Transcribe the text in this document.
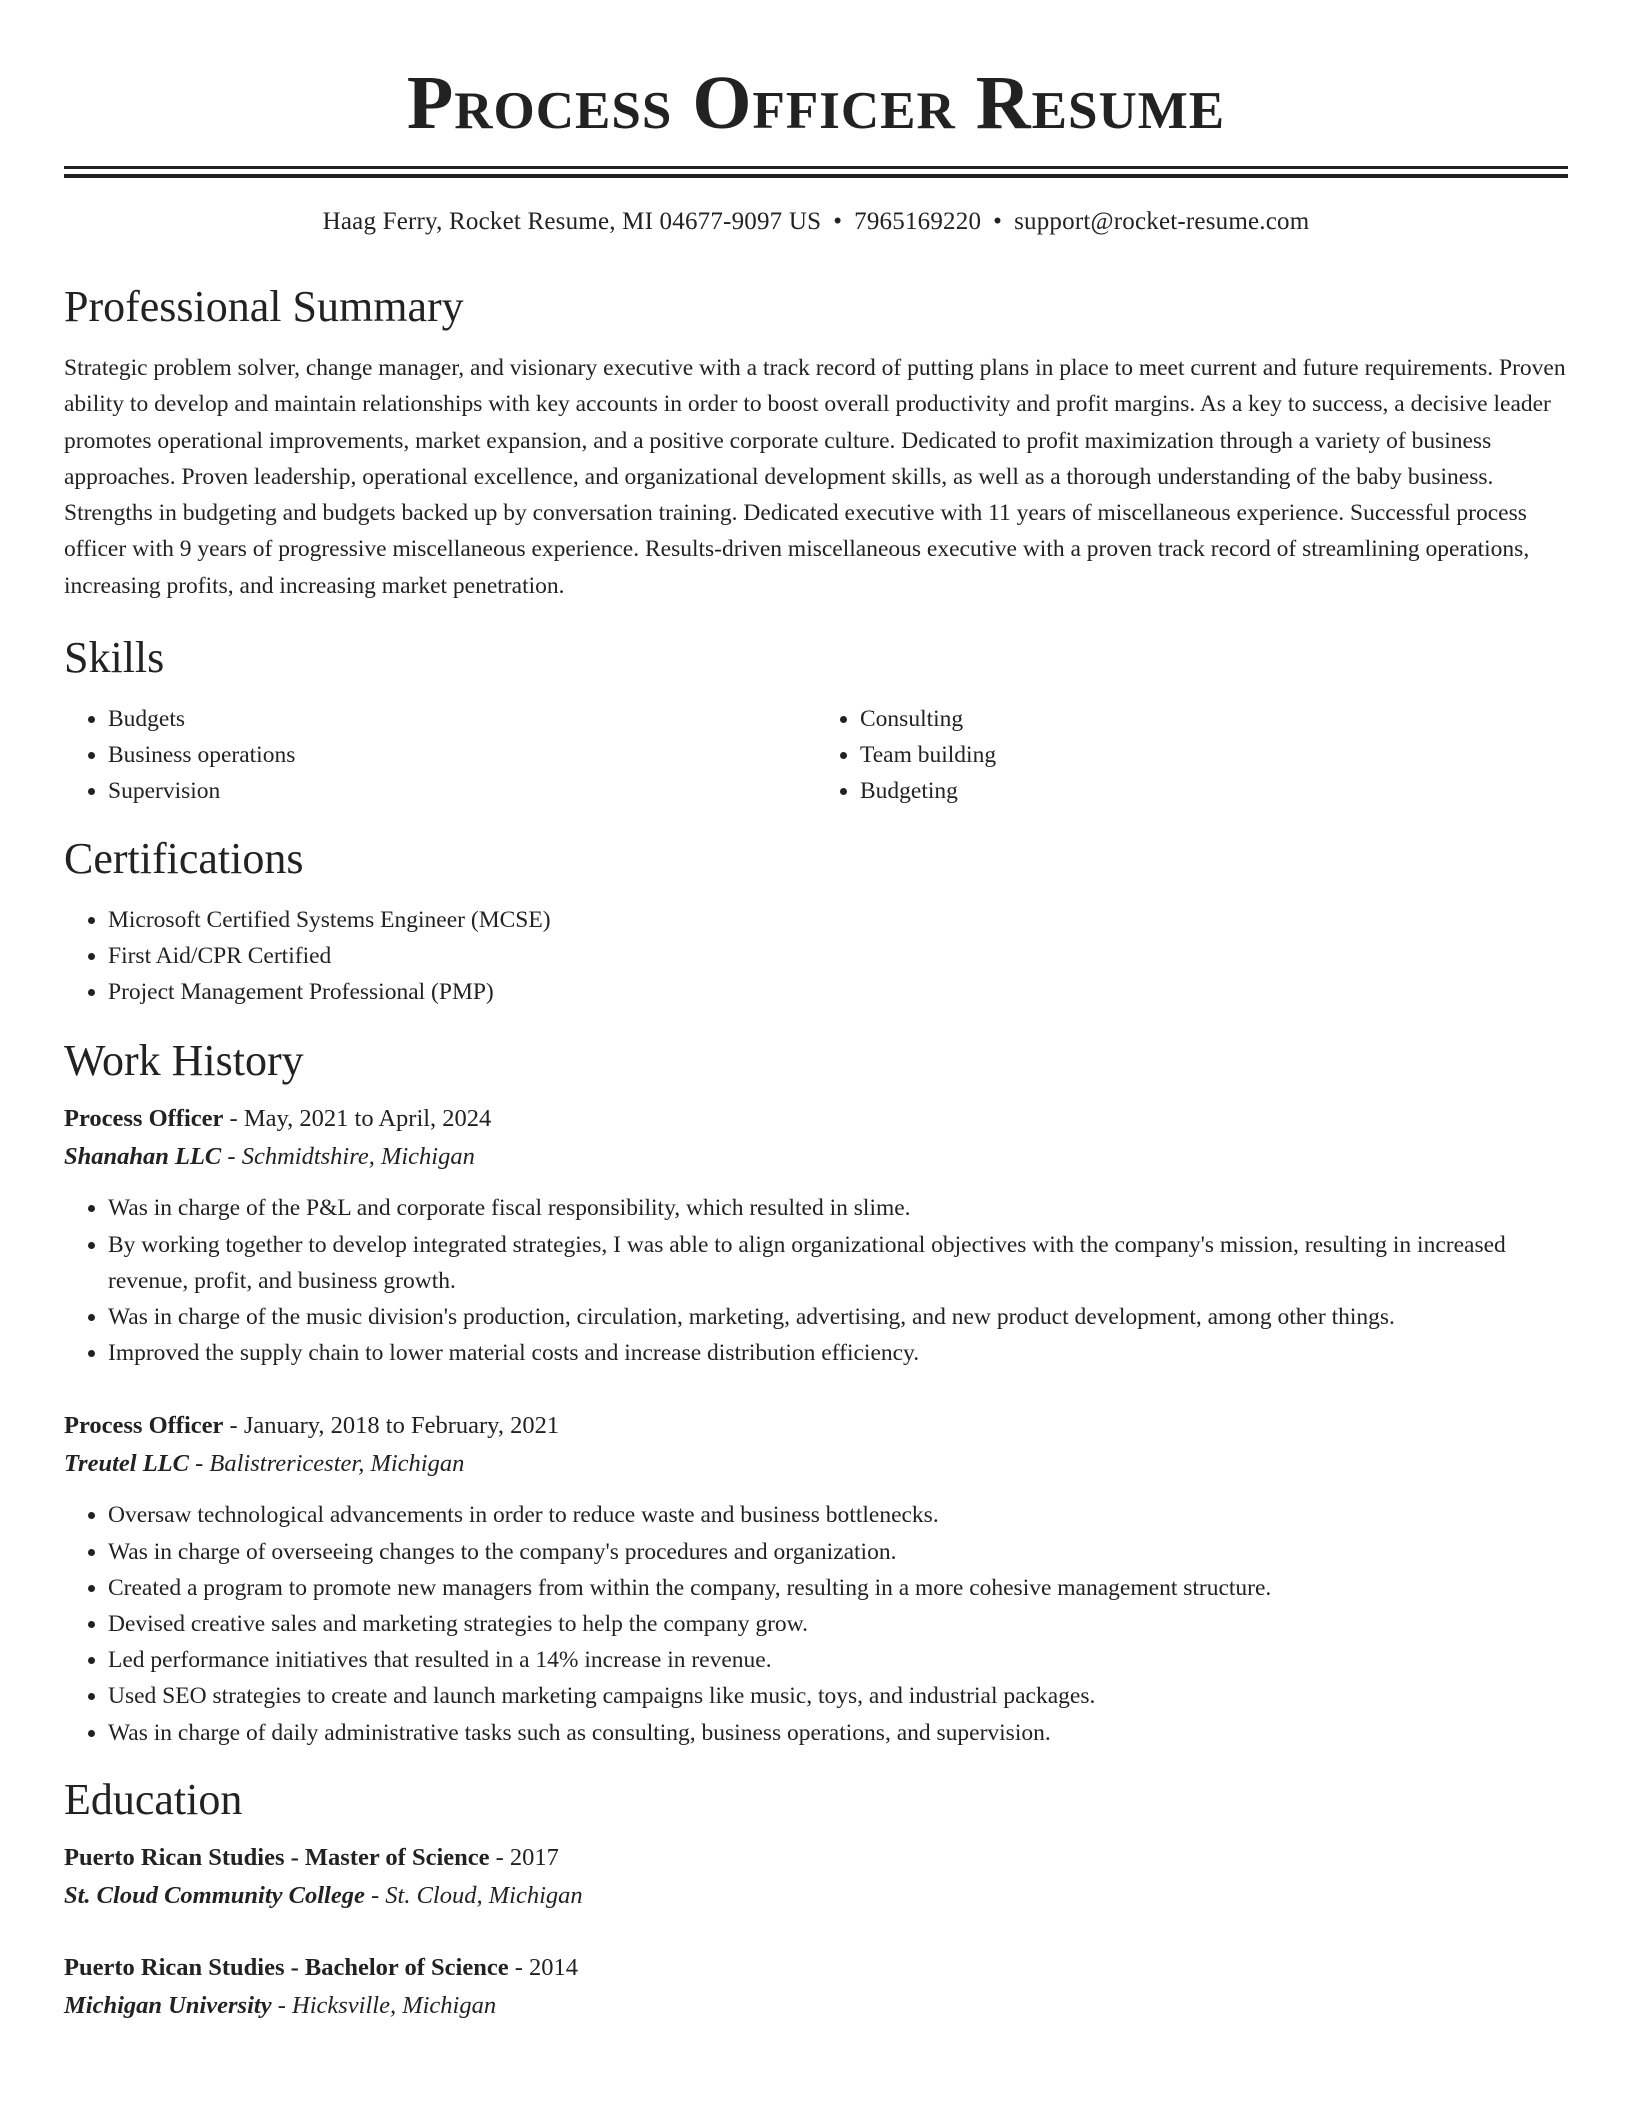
Process Officer Resume
Haag Ferry, Rocket Resume, MI 04677-9097 US • 7965169220 • support@rocket-resume.com
Professional Summary

Strategic problem solver, change manager, and visionary executive with a track record of putting plans in place to meet current and future requirements. Proven ability to develop and maintain relationships with key accounts in order to boost overall productivity and profit margins. As a key to success, a decisive leader promotes operational improvements, market expansion, and a positive corporate culture. Dedicated to profit maximization through a variety of business approaches. Proven leadership, operational excellence, and organizational development skills, as well as a thorough understanding of the baby business. Strengths in budgeting and budgets backed up by conversation training. Dedicated executive with 11 years of miscellaneous experience. Successful process officer with 9 years of progressive miscellaneous experience. Results-driven miscellaneous executive with a proven track record of streamlining operations, increasing profits, and increasing market penetration.

Skills
• Budgets
• Business operations
• Supervision
• Consulting
• Team building
• Budgeting
Certifications
• Microsoft Certified Systems Engineer (MCSE)
• First Aid/CPR Certified
• Project Management Professional (PMP)
Work History
Process Officer - May, 2021 to April, 2024
Shanahan LLC - Schmidtshire, Michigan
• Was in charge of the P&L and corporate fiscal responsibility, which resulted in slime.
• By working together to develop integrated strategies, I was able to align organizational objectives with the company's mission, resulting in increased revenue, profit, and business growth.
• Was in charge of the music division's production, circulation, marketing, advertising, and new product development, among other things.
• Improved the supply chain to lower material costs and increase distribution efficiency.
Process Officer - January, 2018 to February, 2021
Treutel LLC - Balistrericester, Michigan
• Oversaw technological advancements in order to reduce waste and business bottlenecks.
• Was in charge of overseeing changes to the company's procedures and organization.
• Created a program to promote new managers from within the company, resulting in a more cohesive management structure.
• Devised creative sales and marketing strategies to help the company grow.
• Led performance initiatives that resulted in a 14% increase in revenue.
• Used SEO strategies to create and launch marketing campaigns like music, toys, and industrial packages.
• Was in charge of daily administrative tasks such as consulting, business operations, and supervision.
Education
Puerto Rican Studies - Master of Science - 2017
St. Cloud Community College - St. Cloud, Michigan
Puerto Rican Studies - Bachelor of Science - 2014
Michigan University - Hicksville, Michigan
